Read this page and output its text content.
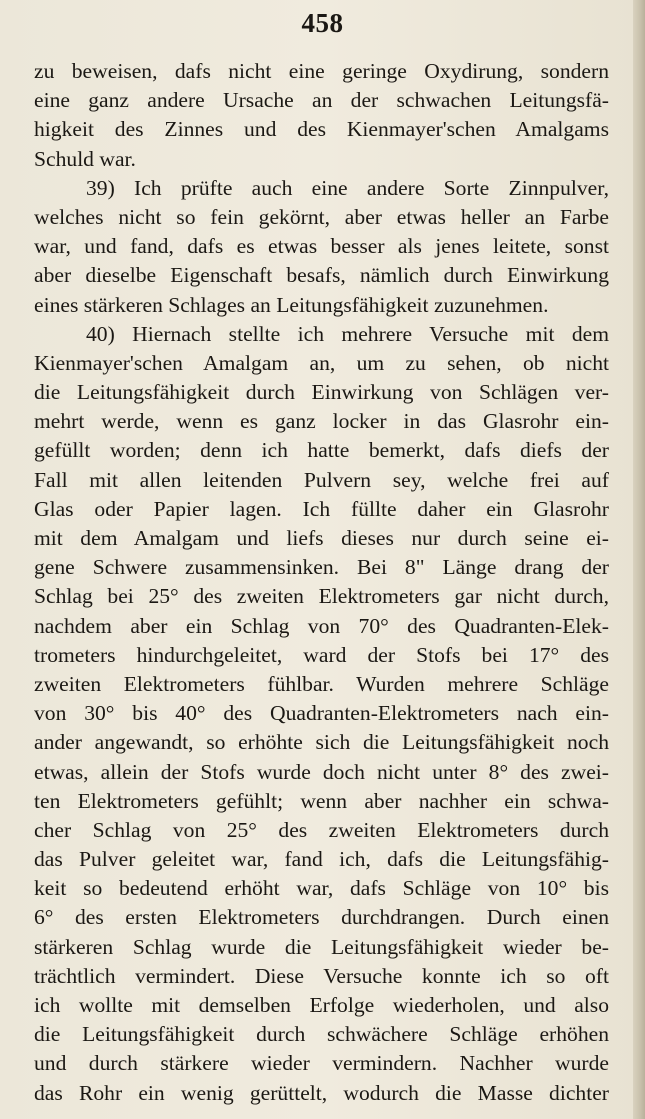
458
zu beweisen, dafs nicht eine geringe Oxydirung, sondern
eine ganz andere Ursache an der schwachen Leitungsfä-
higkeit des Zinnes und des Kienmayer'schen Amalgams
Schuld war.
39) Ich prüfte auch eine andere Sorte Zinnpulver,
welches nicht so fein gekörnt, aber etwas heller an Farbe
war, und fand, dafs es etwas besser als jenes leitete, sonst
aber dieselbe Eigenschaft besafs, nämlich durch Einwirkung
eines stärkeren Schlages an Leitungsfähigkeit zuzunehmen.
40) Hiernach stellte ich mehrere Versuche mit dem
Kienmayer'schen Amalgam an, um zu sehen, ob nicht
die Leitungsfähigkeit durch Einwirkung von Schlägen ver-
mehrt werde, wenn es ganz locker in das Glasrohr ein-
gefüllt worden; denn ich hatte bemerkt, dafs diefs der
Fall mit allen leitenden Pulvern sey, welche frei auf
Glas oder Papier lagen. Ich füllte daher ein Glasrohr
mit dem Amalgam und liefs dieses nur durch seine ei-
gene Schwere zusammensinken. Bei 8" Länge drang der
Schlag bei 25° des zweiten Elektrometers gar nicht durch,
nachdem aber ein Schlag von 70° des Quadranten-Elek-
trometers hindurchgeleitet, ward der Stofs bei 17° des
zweiten Elektrometers fühlbar. Wurden mehrere Schläge
von 30° bis 40° des Quadranten-Elektrometers nach ein-
ander angewandt, so erhöhte sich die Leitungsfähigkeit noch
etwas, allein der Stofs wurde doch nicht unter 8° des zwei-
ten Elektrometers gefühlt; wenn aber nachher ein schwa-
cher Schlag von 25° des zweiten Elektrometers durch
das Pulver geleitet war, fand ich, dafs die Leitungsfähig-
keit so bedeutend erhöht war, dafs Schläge von 10° bis
6° des ersten Elektrometers durchdrangen. Durch einen
stärkeren Schlag wurde die Leitungsfähigkeit wieder be-
trächtlich vermindert. Diese Versuche konnte ich so oft
ich wollte mit demselben Erfolge wiederholen, und also
die Leitungsfähigkeit durch schwächere Schläge erhöhen
und durch stärkere wieder vermindern. Nachher wurde
das Rohr ein wenig gerüttelt, wodurch die Masse dichter
